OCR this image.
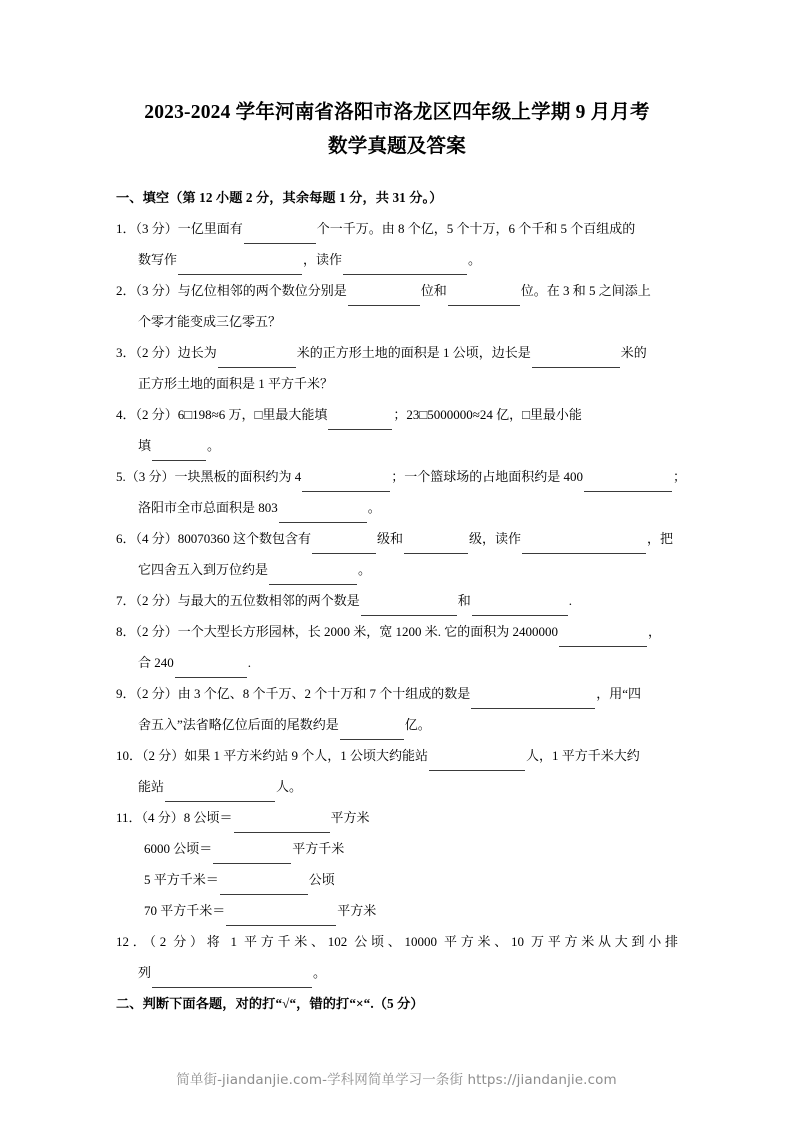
2023-2024 学年河南省洛阳市洛龙区四年级上学期 9 月月考
数学真题及答案
一、填空（第 12 小题 2 分，其余每题 1 分，共 31 分。）
1．（3 分）一亿里面有	个一千万。由 8 个亿，5 个十万，6 个千和 5 个百组成的
数写作	，读作	。
2．（3 分）与亿位相邻的两个数位分别是	位和	位。在 3 和 5 之间添上
个零才能变成三亿零五？
3．（2 分）边长为	米的正方形土地的面积是 1 公顷，边长是	米的
正方形土地的面积是 1 平方千米？
4．（2 分）6□198≈6 万，□里最大能填	；23□5000000≈24 亿，□里最小能
填	。
5.（3 分）一块黑板的面积约为 4	；一个篮球场的占地面积约是 400	；
洛阳市全市总面积是 803	。
6．（4 分）80070360 这个数包含有	级和	级，读作	，把
它四舍五入到万位约是	。
7．（2 分）与最大的五位数相邻的两个数是	和	.
8．（2 分）一个大型长方形园林，长 2000 米，宽 1200 米. 它的面积为 2400000	，
合 240	.
9．（2 分）由 3 个亿、8 个千万、2 个十万和 7 个十组成的数是	，用“四
舍五入”法省略亿位后面的尾数约是	亿。
10．（2 分）如果 1 平方米约站 9 个人，1 公顷大约能站	人，1 平方千米大约
能站	人。
11．（4 分）8 公顷＝	平方米
6000 公顷＝	平方千米
5 平方千米＝	公顷
70 平方千米＝	平方米
12．（2 分）将 1 平方千米、102 公顷、10000 平方米、10 万平方米从大到小排
列	。
二、判断下面各题，对的打“√“，错的打“×“.（5 分）
简单街-jiandanjie.com-学科网简单学习一条街 https://jiandanjie.com
